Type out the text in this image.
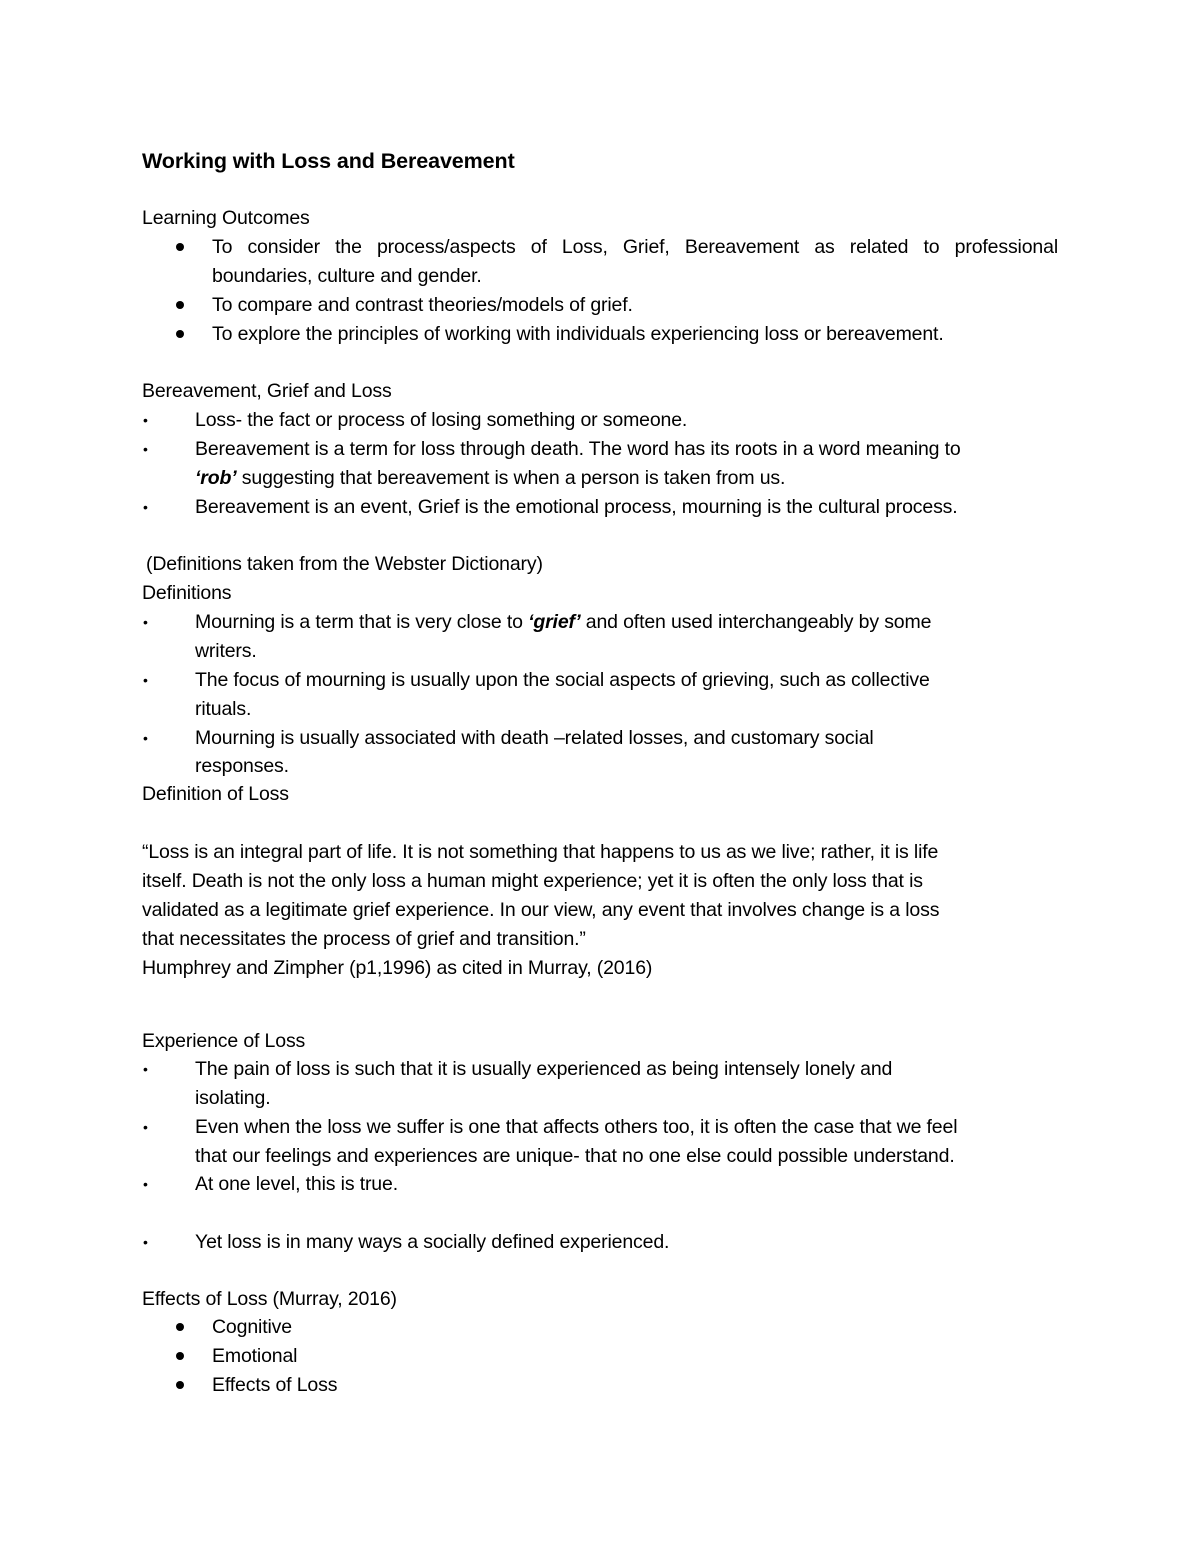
Working with Loss and Bereavement
Learning Outcomes
To consider the process/aspects of Loss, Grief, Bereavement as related to professional
boundaries, culture and gender.
To compare and contrast theories/models of grief.
To explore the principles of working with individuals experiencing loss or bereavement.
Bereavement, Grief and Loss
• Loss- the fact or process of losing something or someone.
• Bereavement is a term for loss through death. The word has its roots in a word meaning to
‘rob’ suggesting that bereavement is when a person is taken from us.
• Bereavement is an event, Grief is the emotional process, mourning is the cultural process.
(Definitions taken from the Webster Dictionary)
Definitions
• Mourning is a term that is very close to ‘grief’ and often used interchangeably by some
writers.
• The focus of mourning is usually upon the social aspects of grieving, such as collective
rituals.
• Mourning is usually associated with death –related losses, and customary social
responses.
Definition of Loss
“Loss is an integral part of life. It is not something that happens to us as we live; rather, it is life
itself. Death is not the only loss a human might experience; yet it is often the only loss that is
validated as a legitimate grief experience. In our view, any event that involves change is a loss
that necessitates the process of grief and transition.”
Humphrey and Zimpher (p1,1996) as cited in Murray, (2016)
Experience of Loss
• The pain of loss is such that it is usually experienced as being intensely lonely and
isolating.
• Even when the loss we suffer is one that affects others too, it is often the case that we feel
that our feelings and experiences are unique- that no one else could possible understand.
• At one level, this is true.
• Yet loss is in many ways a socially defined experienced.
Effects of Loss (Murray, 2016)
Cognitive
Emotional
Effects of Loss
